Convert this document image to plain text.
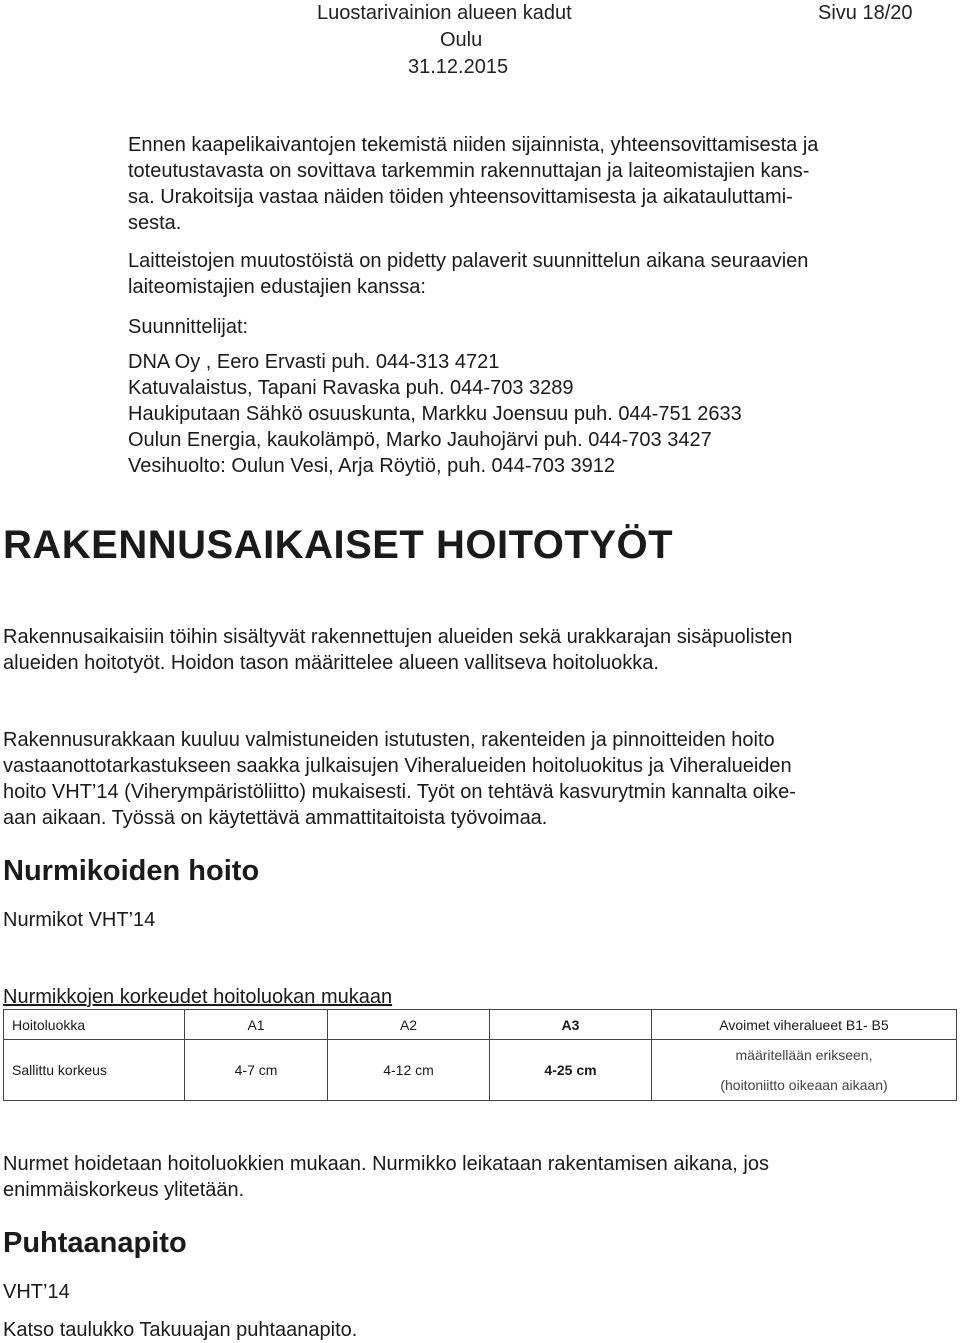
Luostarivainion alueen kadut	Sivu 18/20
Oulu
31.12.2015
Ennen kaapelikaivantojen tekemistä niiden sijainnista, yhteensovittamisesta ja
toteutustavasta on sovittava tarkemmin rakennuttajan ja laiteomistajien kans-
sa. Urakoitsija vastaa näiden töiden yhteensovittamisesta ja aikatauluttami-
sesta.
Laitteistojen muutostöistä on pidetty palaverit suunnittelun aikana seuraavien
laiteomistajien edustajien kanssa:
Suunnittelijat:
DNA Oy , Eero Ervasti puh. 044-313 4721
Katuvalaistus, Tapani Ravaska puh. 044-703 3289
Haukiputaan Sähkö osuuskunta, Markku Joensuu puh. 044-751 2633
Oulun Energia, kaukolämpö, Marko Jauhojärvi puh. 044-703 3427
Vesihuolto: Oulun Vesi, Arja Röytiö, puh. 044-703 3912
RAKENNUSAIKAISET HOITOTYÖT
Rakennusaikaisiin töihin sisältyvät rakennettujen alueiden sekä urakkarajan sisäpuolisten
alueiden hoitotyöt. Hoidon tason määrittelee alueen vallitseva hoitoluokka.
Rakennusurakkaan kuuluu valmistuneiden istutusten, rakenteiden ja pinnoitteiden hoito
vastaanottotarkastukseen saakka julkaisujen Viheralueiden hoitoluokitus ja Viheralueiden
hoito VHT’14 (Viherympäristöliitto) mukaisesti. Työt on tehtävä kasvurytmin kannalta oike-
aan aikaan. Työssä on käytettävä ammattitaitoista työvoimaa.
Nurmikoiden hoito
Nurmikot VHT’14
Nurmikkojen korkeudet hoitoluokan mukaan
Hoitoluokka	A1	A2	A3	Avoimet viheralueet B1- B5
Sallittu korkeus	4-7 cm	4-12 cm	4-25 cm	määritellään erikseen,
(hoitoniitto oikeaan aikaan)
Nurmet hoidetaan hoitoluokkien mukaan. Nurmikko leikataan rakentamisen aikana, jos
enimmäiskorkeus ylitetään.
Puhtaanapito
VHT’14
Katso taulukko Takuuajan puhtaanapito.
